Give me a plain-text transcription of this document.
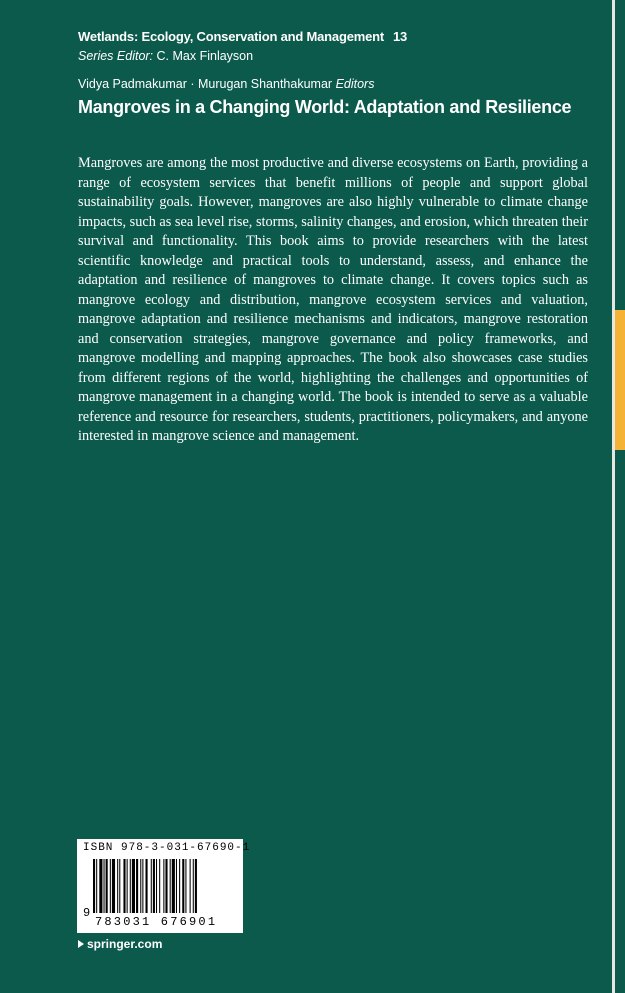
Wetlands: Ecology, Conservation and Management 13
Series Editor: C. Max Finlayson
Vidya Padmakumar · Murugan Shanthakumar Editors
Mangroves in a Changing World: Adaptation and Resilience

Mangroves are among the most productive and diverse ecosystems on Earth, providing a range of ecosystem services that benefit millions of people and support global sustainability goals. However, mangroves are also highly vulnerable to climate change impacts, such as sea level rise, storms, salinity changes, and erosion, which threaten their survival and functionality. This book aims to provide researchers with the latest scientific knowledge and practical tools to understand, assess, and enhance the adaptation and resilience of mangroves to climate change. It covers topics such as mangrove ecology and distribution, mangrove ecosystem services and valuation, mangrove adaptation and resilience mechanisms and indicators, mangrove restoration and conservation strategies, mangrove governance and policy frameworks, and mangrove modelling and mapping approaches. The book also showcases case studies from different regions of the world, highlighting the challenges and opportunities of mangrove management in a changing world. The book is intended to serve as a valuable reference and resource for researchers, students, practitioners, policymakers, and anyone interested in mangrove science and management.

ISBN 978-3-031-67690-1
9
783031 676901
springer.com
